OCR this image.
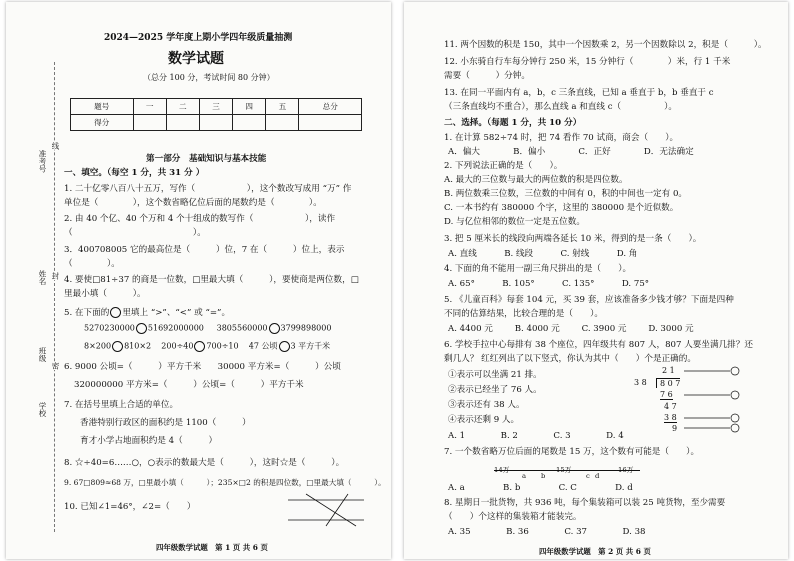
2024—2025 学年度上期小学四年级质量抽测
数学试题
（总分 100 分，考试时间 80 分钟）
题号	一	二	三	四	五	总分
得分						
准考号
姓名
班级
学校
线
封
密
第一部分　基础知识与基本技能
一、填空。（每空 1 分，共 31 分 ）
1. 二十亿零八百八十五万，写作（　　　　　　），这个数改写成用 “万” 作
单位是（　　　　），这个数省略亿位后面的尾数约是（　　　　）。
2. 由 40 个亿、40 个万和 4 个十组成的数写作（　　　　　　），读作
（　　　　　　　　　　　　　　）。
3．400708005 它的最高位是（　　　）位，7 在（　　　）位上，表示
（　　　　）。
4. 要使□81÷37 的商是一位数，□里最大填（　　　），要使商是两位数，□
里最小填（　　　）。
5. 在下面的 里填上 “>”、“<” 或 “=”。
5270230000 51692000000 3805560000 3799898000
8×200 810×2 200÷40 700÷10 47 公顷 3 平方千米
6. 9000 公顷=（　　　）平方千米 30000 平方米=（　　　）公顷
320000000 平方米=（　　　）公顷=（　　　）平方千米
7. 在括号里填上合适的单位。
香港特别行政区的面积约是 1100（　　　）
育才小学占地面积约是 4（　　　）
8. ☆÷40=6……○，○表示的数最大是（　　　），这时☆是（　　　）。
9. 67□809≈68 万，□里最小填（　　　）；235×□2 的积是四位数，□里最大填（　　　）。
10. 已知∠1=46°，∠2=（　　）
四年级数学试题　第 1 页 共 6 页
11. 两个因数的积是 150，其中一个因数乘 2，另一个因数除以 2，积是（　　　）。
12. 小东骑自行车每分钟行 250 米，15 分钟行（　　　　）米，行 1 千米
需要（　　　）分钟。
13. 在同一平面内有 a，b，c 三条直线，已知 a 垂直于 b，b 垂直于 c
（三条直线均不重合），那么直线 a 和直线 c（　　　　　）。
二、选择。（每题 1 分，共 10 分）
1. 在计算 582÷74 时，把 74 看作 70 试商，商会（　　）。
A．偏大	B．偏小	C．正好	D．无法确定
2. 下列说法正确的是（　　）。
A. 最大的三位数与最大的两位数的积是四位数。
B. 两位数乘三位数，三位数的中间有 0，积的中间也一定有 0。
C. 一本书约有 380000 个字，这里的 380000 是个近似数。
D. 与亿位相邻的数位一定是五位数。
3. 把 5 厘米长的线段向两端各延长 10 米，得到的是一条（　　）。
A. 直线	B. 线段	C. 射线	D. 角
4. 下面的角不能用一副三角尺拼出的是（　　）。
A. 65°	B. 105°	C. 135°	D. 75°
5. 《儿童百科》每套 104 元，买 39 套，应该准备多少钱才够？下面是四种
不同的估算结果，比较合理的是（　　）。
A. 4400 元	B. 4000 元	C. 3900 元	D. 3000 元
6. 学校手拉中心每排有 38 个座位，四年级共有 807 人，807 人要坐满几排？还
剩几人？ 红红列出了以下竖式，你认为其中（　　）个是正确的。
①表示可以坐满 21 排。
②表示已经坐了 76 人。
③表示还有 38 人。
④表示还剩 9 人。
2 1
3 8	8 0 7
7 6
4 7
3 8
9
A. 1	B. 2	C. 3	D. 4
7. 一个数省略万位后面的尾数是 15 万，这个数有可能是（　　）。
14万
a b
15万
c d
16万
A. a	B. b	C. C	D. d
8. 星期日一批货物，共 936 吨，每个集装箱可以装 25 吨货物，至少需要
（　　）个这样的集装箱才能装完。
A. 35	B. 36	C. 37	D. 38
四年级数学试题　第 2 页 共 6 页
